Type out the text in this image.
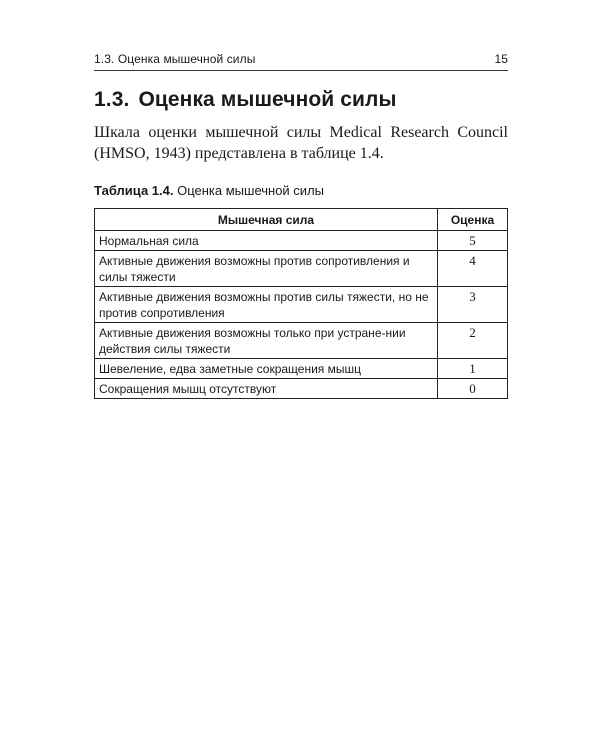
1.3. Оценка мышечной силы	15
1.3. Оценка мышечной силы

Шкала оценки мышечной силы Medical Research Council (HMSO, 1943) представлена в таблице 1.4.

Таблица 1.4. Оценка мышечной силы

Мышечная сила	Оценка
Нормальная сила	5
Активные движения возможны против сопротивления и силы тяжести	4
Активные движения возможны против силы тяжести, но не против сопротивления	3
Активные движения возможны только при устране-нии действия силы тяжести	2
Шевеление, едва заметные сокращения мышц	1
Сокращения мышц отсутствуют	0
